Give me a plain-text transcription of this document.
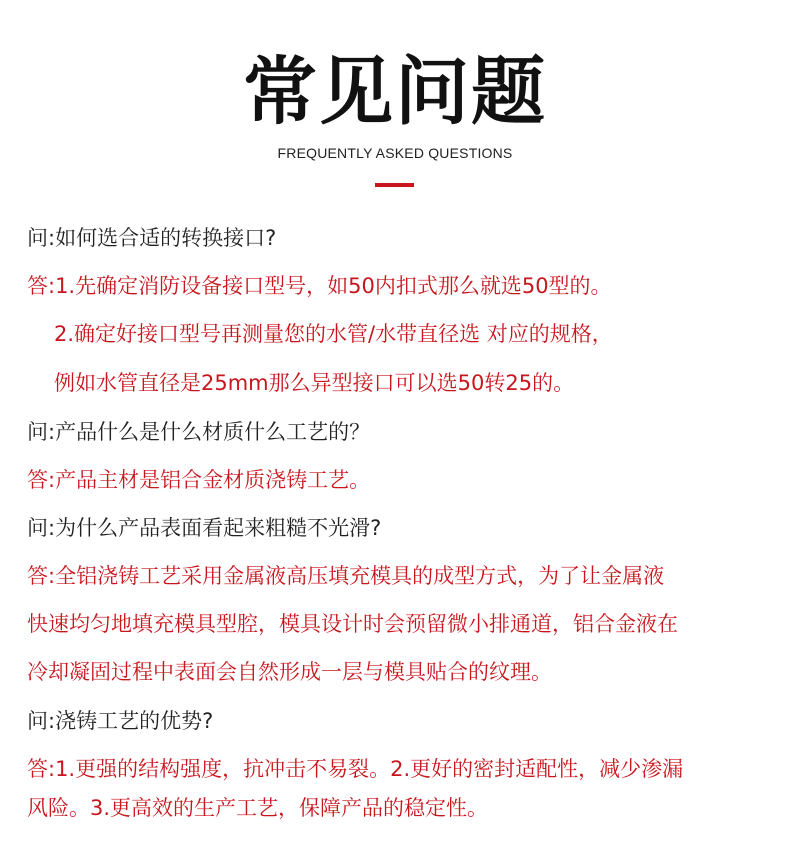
常见问题
FREQUENTLY ASKED QUESTIONS
问:如何选合适的转换接口?
答:1.先确定消防设备接口型号，如50内扣式那么就选50型的。
2.确定好接口型号再测量您的水管/水带直径选 对应的规格，
例如水管直径是25mm那么异型接口可以选50转25的。
问:产品什么是什么材质什么工艺的？
答:产品主材是铝合金材质浇铸工艺。
问:为什么产品表面看起来粗糙不光滑?
答:全铝浇铸工艺采用金属液高压填充模具的成型方式，为了让金属液
快速均匀地填充模具型腔，模具设计时会预留微小排通道，铝合金液在
冷却凝固过程中表面会自然形成一层与模具贴合的纹理。
问:浇铸工艺的优势?
答:1.更强的结构强度，抗冲击不易裂。2.更好的密封适配性，减少渗漏
风险。3.更高效的生产工艺，保障产品的稳定性。
